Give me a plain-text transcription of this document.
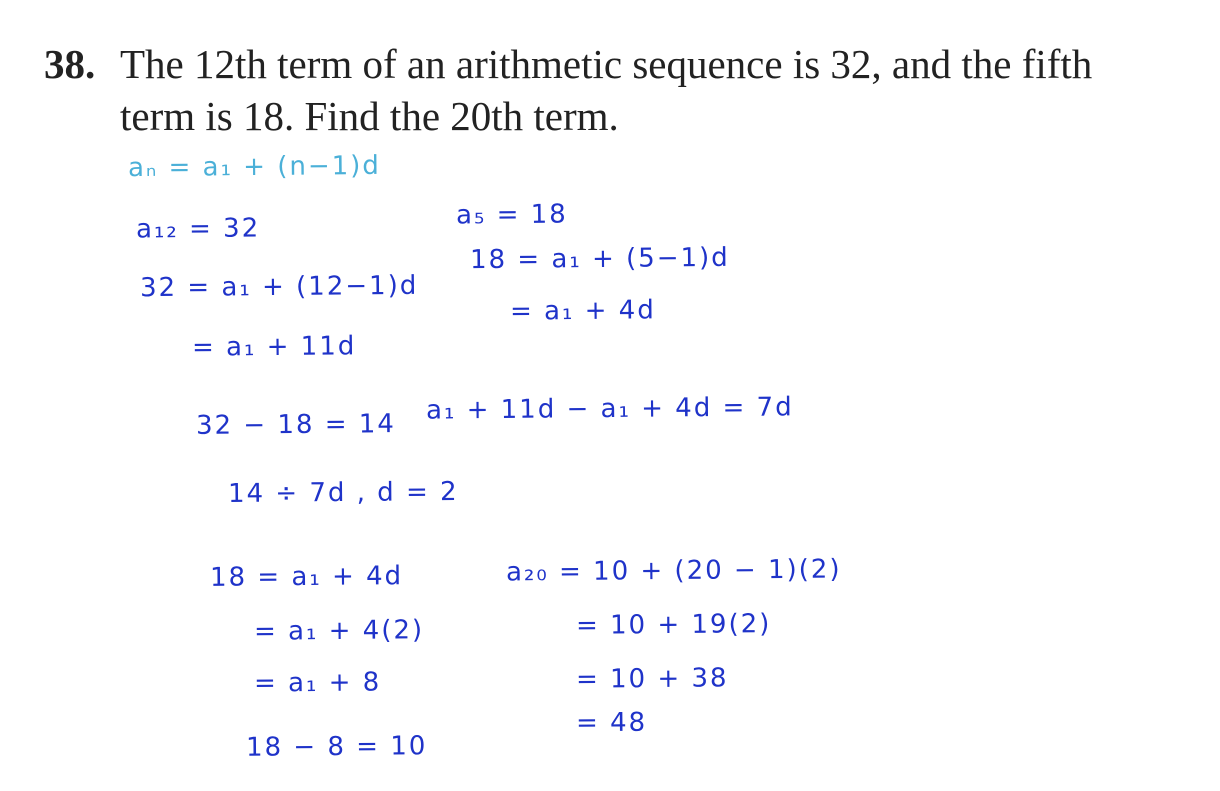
38. The 12th term of an arithmetic sequence is 32, and the fifth
term is 18. Find the 20th term.
aₙ = a₁ + (n−1)d
a₁₂ = 32
32 = a₁ + (12−1)d
= a₁ + 11d
a₅ = 18
18 = a₁ + (5−1)d
= a₁ + 4d
32 − 18 = 14 a₁ + 11d − a₁ + 4d = 7d
14 ÷ 7d , d = 2
18 = a₁ + 4d
= a₁ + 4(2)
= a₁ + 8
18 − 8 = 10
a₂₀ = 10 + (20 − 1)(2)
= 10 + 19(2)
= 10 + 38
= 48
